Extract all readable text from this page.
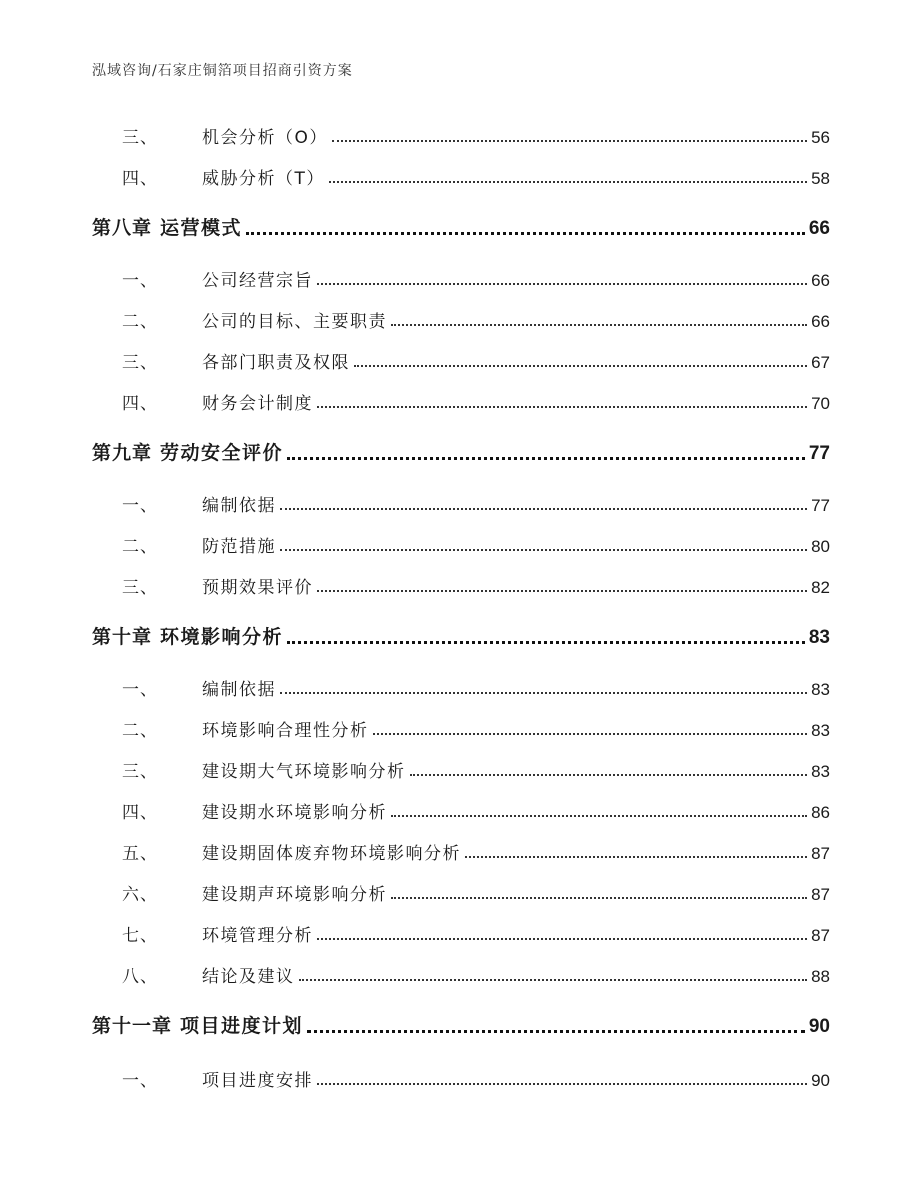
泓域咨询/石家庄铜箔项目招商引资方案
三、	机会分析（O）	56
四、	威胁分析（T）	58
第八章 运营模式	66
一、	公司经营宗旨	66
二、	公司的目标、主要职责	66
三、	各部门职责及权限	67
四、	财务会计制度	70
第九章 劳动安全评价	77
一、	编制依据	77
二、	防范措施	80
三、	预期效果评价	82
第十章 环境影响分析	83
一、	编制依据	83
二、	环境影响合理性分析	83
三、	建设期大气环境影响分析	83
四、	建设期水环境影响分析	86
五、	建设期固体废弃物环境影响分析	87
六、	建设期声环境影响分析	87
七、	环境管理分析	87
八、	结论及建议	88
第十一章 项目进度计划	90
一、	项目进度安排	90
